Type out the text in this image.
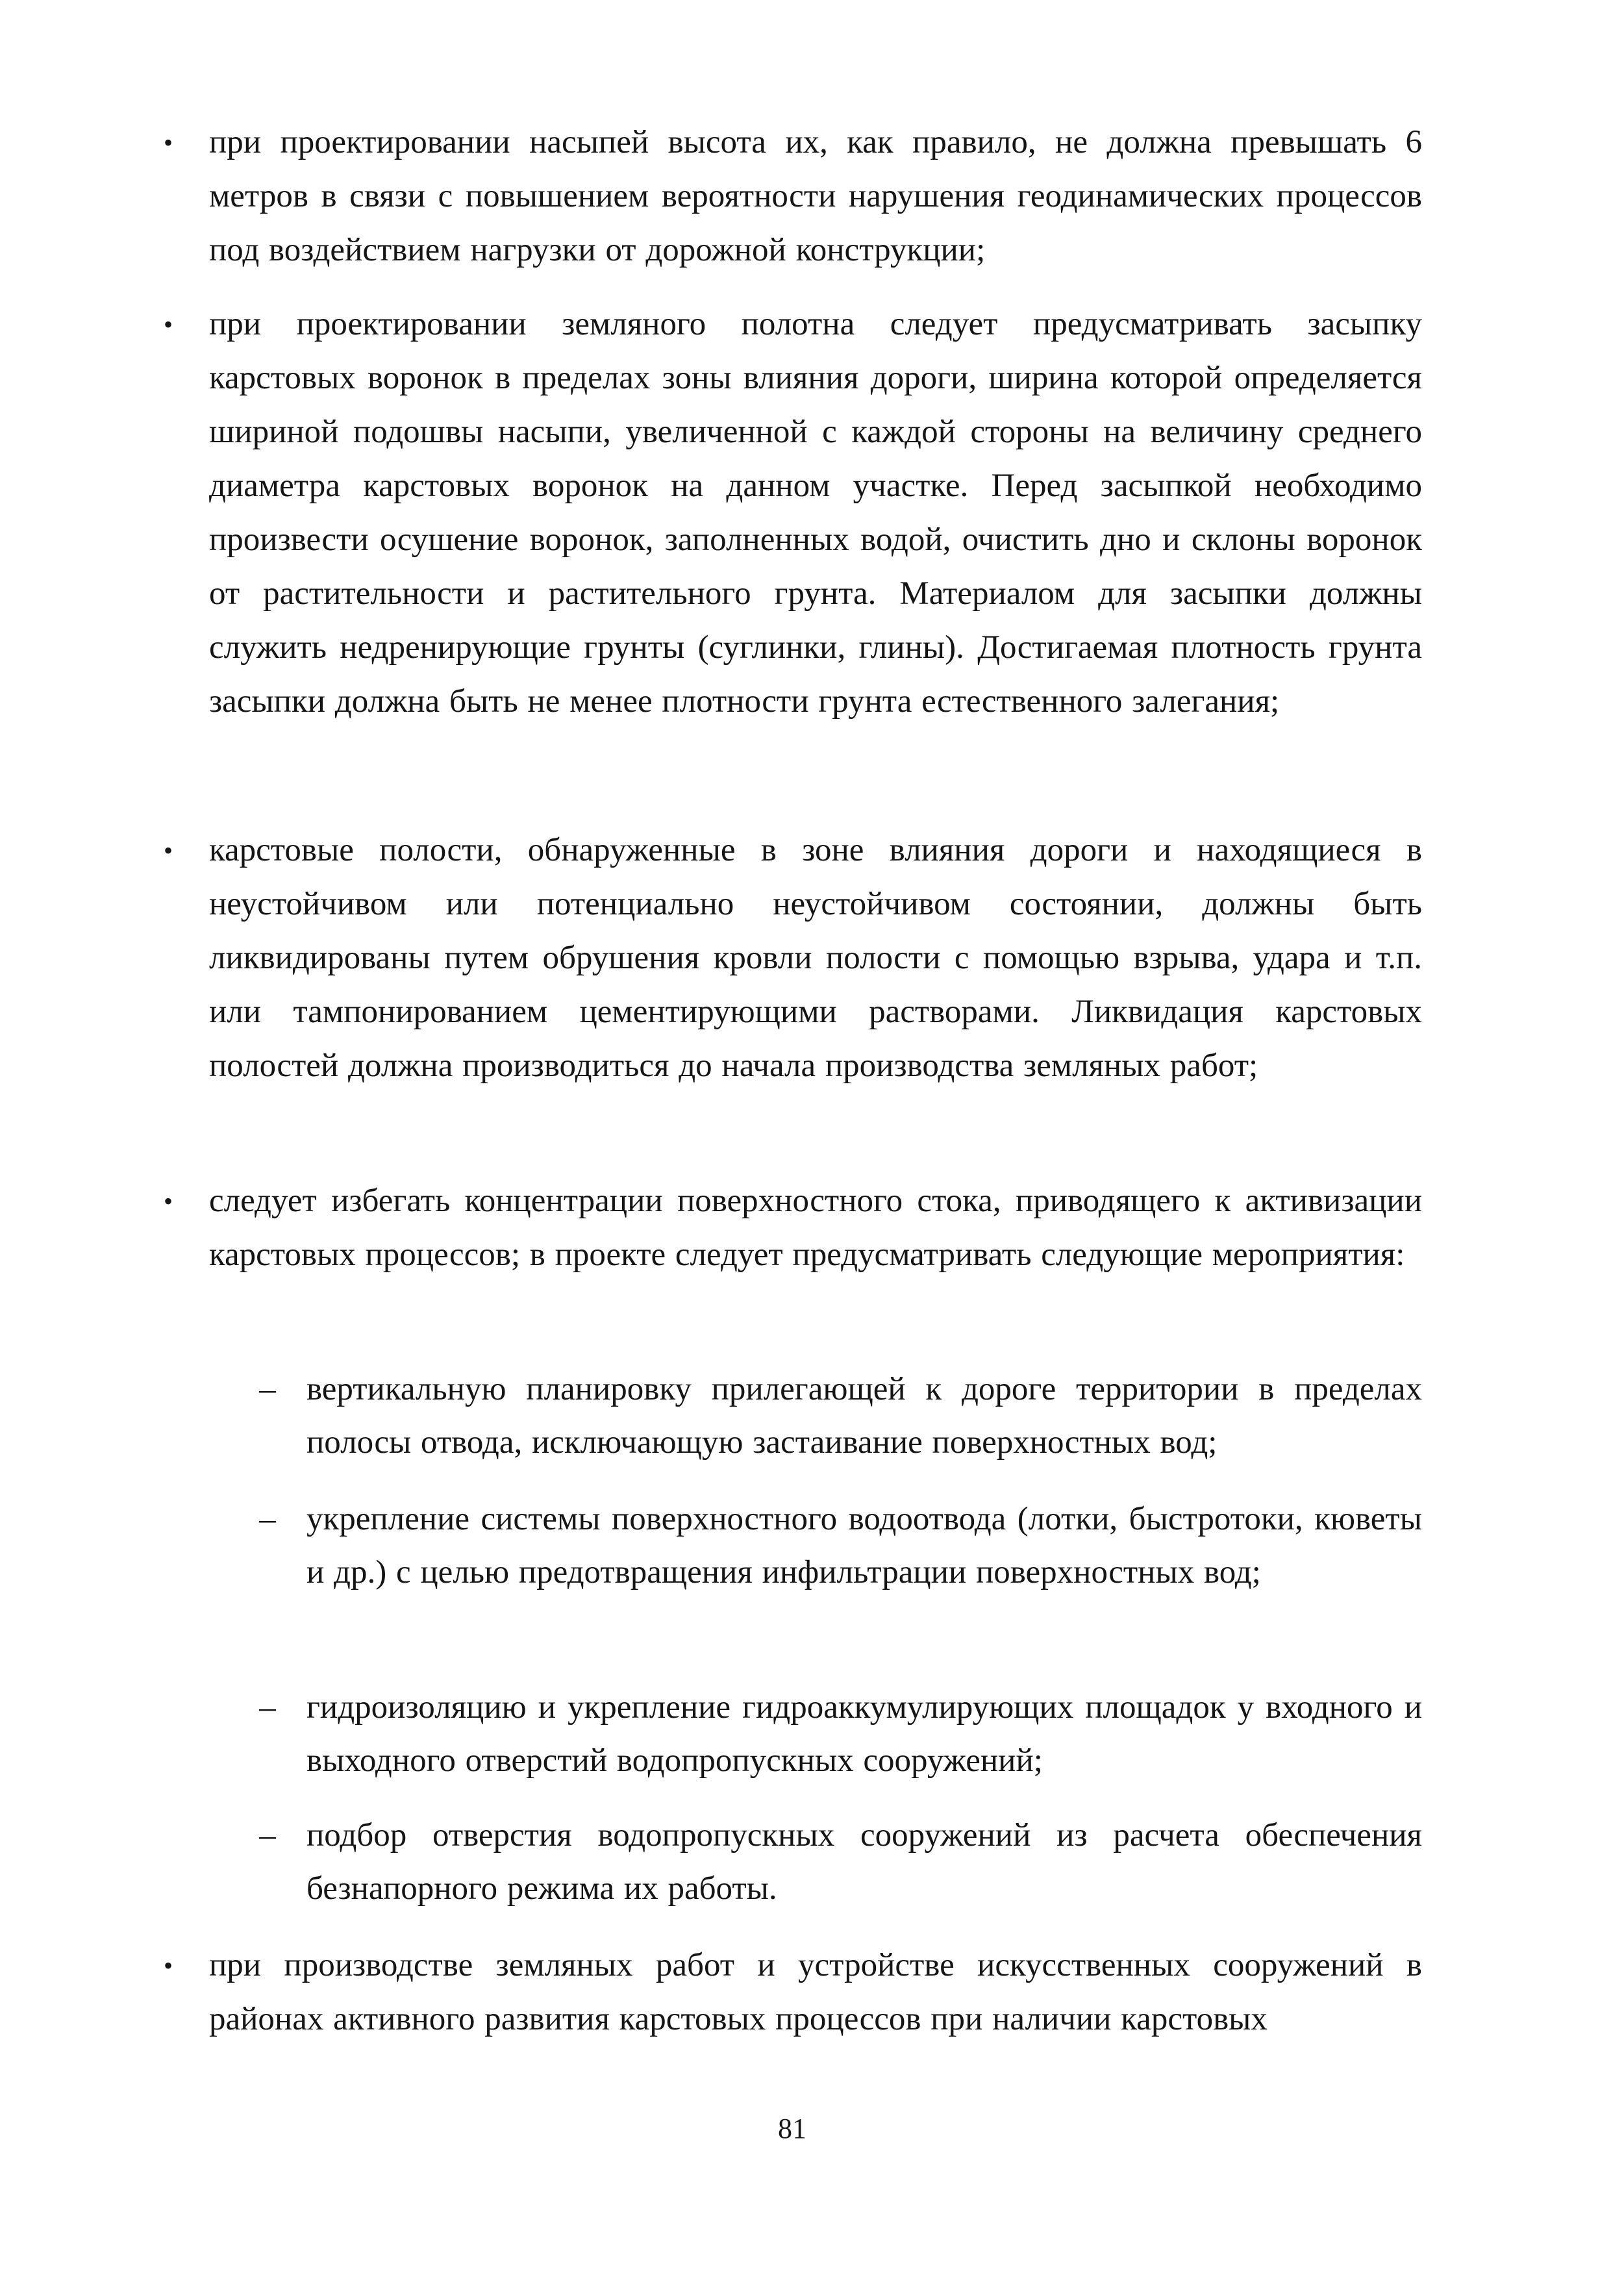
• при проектировании насыпей высота их, как правило, не должна превышать 6 метров в связи с повышением вероятности нарушения геодинамических процессов под воздействием нагрузки от дорожной конструкции;

• при проектировании земляного полотна следует предусматривать засыпку карстовых воронок в пределах зоны влияния дороги, ширина которой определяется шириной подошвы насыпи, увеличенной с каждой стороны на величину среднего диаметра карстовых воронок на данном участке. Перед засыпкой необходимо произвести осушение воронок, заполненных водой, очистить дно и склоны воронок от растительности и растительного грунта. Материалом для засыпки должны служить недренирующие грунты (суглинки, глины). Достигаемая плотность грунта засыпки должна быть не менее плотности грунта естественного залегания;

• карстовые полости, обнаруженные в зоне влияния дороги и находящиеся в неустойчивом или потенциально неустойчивом состоянии, должны быть ликвидированы путем обрушения кровли полости с помощью взрыва, удара и т.п. или тампонированием цементирующими растворами. Ликвидация карстовых полостей должна производиться до начала производства земляных работ;

• следует избегать концентрации поверхностного стока, приводящего к активизации карстовых процессов; в проекте следует предусматривать следующие мероприятия:

– вертикальную планировку прилегающей к дороге территории в пределах полосы отвода, исключающую застаивание поверхностных вод;

– укрепление системы поверхностного водоотвода (лотки, быстротоки, кюветы и др.) с целью предотвращения инфильтрации поверхностных вод;

– гидроизоляцию и укрепление гидроаккумулирующих площадок у входного и выходного отверстий водопропускных сооружений;

– подбор отверстия водопропускных сооружений из расчета обеспечения безнапорного режима их работы.

• при производстве земляных работ и устройстве искусственных сооружений в районах активного развития карстовых процессов при наличии карстовых

81
